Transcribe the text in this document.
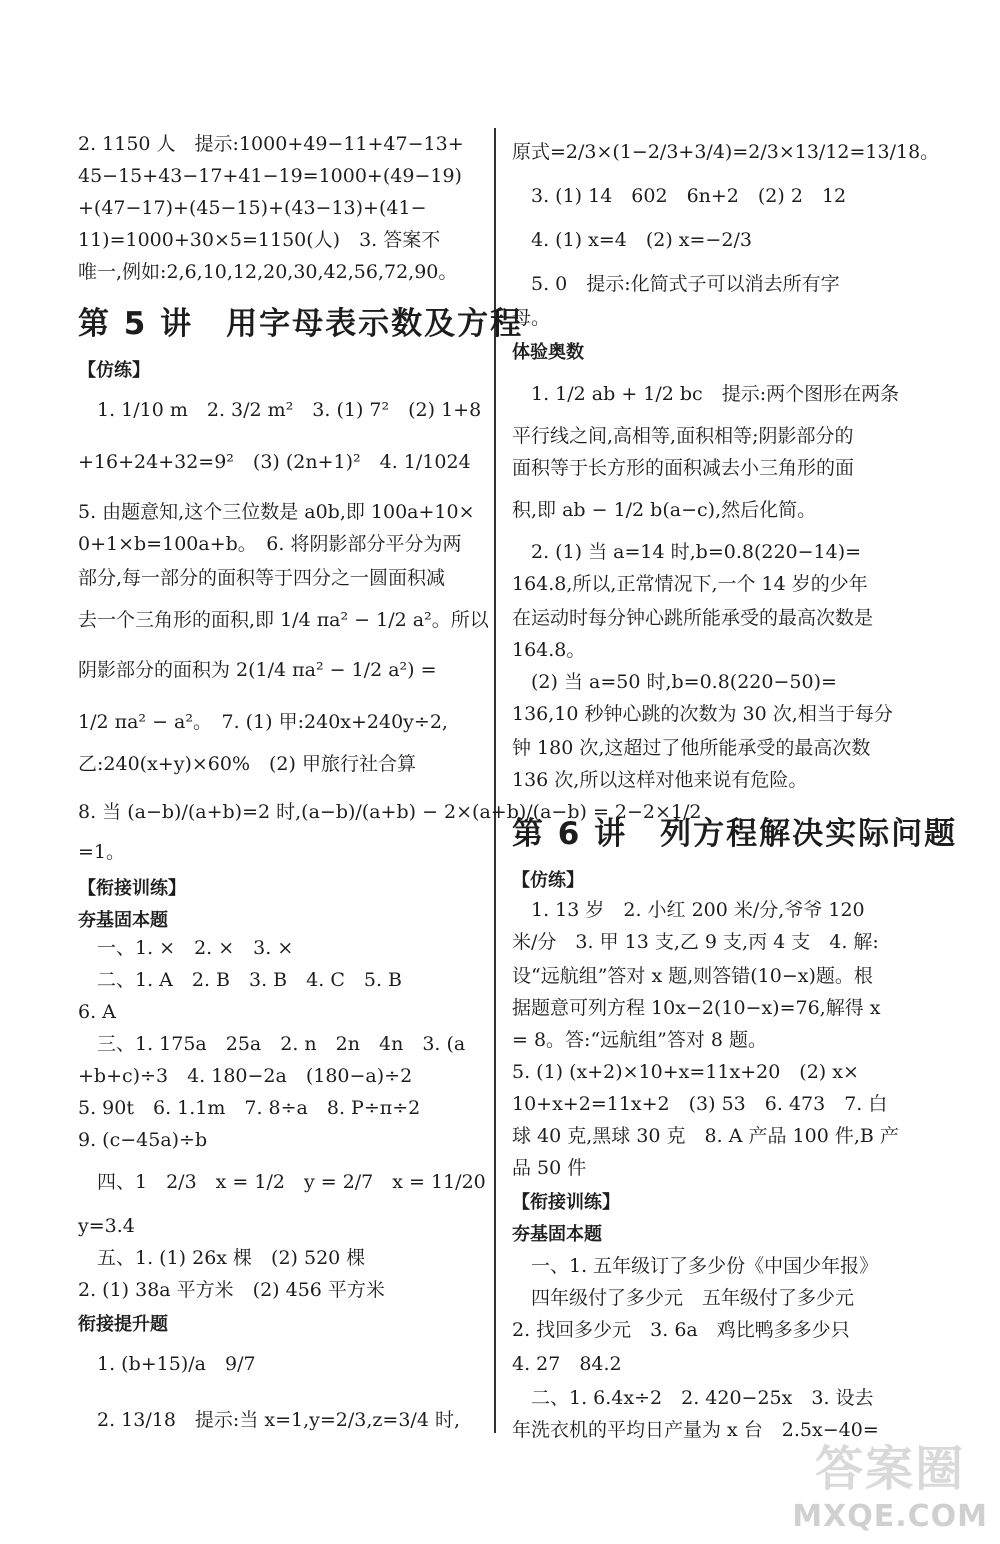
2. 1150 人　提示:1000+49−11+47−13+
45−15+43−17+41−19=1000+(49−19)
+(47−17)+(45−15)+(43−13)+(41−
11)=1000+30×5=1150(人)　3. 答案不
唯一,例如:2,6,10,12,20,30,42,56,72,90。
第 5 讲　用字母表示数及方程
【仿练】
　1. 1/10 m　2. 3/2 m²　3. (1) 7²　(2) 1+8
+16+24+32=9²　(3) (2n+1)²　4. 1/1024
5. 由题意知,这个三位数是 a0b,即 100a+10×
0+1×b=100a+b。　6. 将阴影部分平分为两
部分,每一部分的面积等于四分之一圆面积减
去一个三角形的面积,即 1/4 πa² − 1/2 a²。所以
阴影部分的面积为 2(1/4 πa² − 1/2 a²) =
1/2 πa² − a²。　7. (1) 甲:240x+240y÷2,
乙:240(x+y)×60%　(2) 甲旅行社合算
8. 当 (a−b)/(a+b)=2 时,(a−b)/(a+b) − 2×(a+b)/(a−b) = 2−2×1/2
=1。
【衔接训练】
夯基固本题
　一、1. ×　2. ×　3. ×
　二、1. A　2. B　3. B　4. C　5. B
6. A
　三、1. 175a　25a　2. n　2n　4n　3. (a
+b+c)÷3　4. 180−2a　(180−a)÷2
5. 90t　6. 1.1m　7. 8÷a　8. P÷π÷2
9. (c−45a)÷b
　四、1　2/3　x = 1/2　y = 2/7　x = 11/20
y=3.4
　五、1. (1) 26x 棵　(2) 520 棵
2. (1) 38a 平方米　(2) 456 平方米
衔接提升题
　1. (b+15)/a　9/7
　2. 13/18　提示:当 x=1,y=2/3,z=3/4 时,
原式=2/3×(1−2/3+3/4)=2/3×13/12=13/18。
　3. (1) 14　602　6n+2　(2) 2　12
　4. (1) x=4　(2) x=−2/3
　5. 0　提示:化简式子可以消去所有字
母。
体验奥数
　1. 1/2 ab + 1/2 bc　提示:两个图形在两条
平行线之间,高相等,面积相等;阴影部分的
面积等于长方形的面积减去小三角形的面
积,即 ab − 1/2 b(a−c),然后化简。
　2. (1) 当 a=14 时,b=0.8(220−14)=
164.8,所以,正常情况下,一个 14 岁的少年
在运动时每分钟心跳所能承受的最高次数是
164.8。
　(2) 当 a=50 时,b=0.8(220−50)=
136,10 秒钟心跳的次数为 30 次,相当于每分
钟 180 次,这超过了他所能承受的最高次数
136 次,所以这样对他来说有危险。
第 6 讲　列方程解决实际问题
【仿练】
　1. 13 岁　2. 小红 200 米/分,爷爷 120
米/分　3. 甲 13 支,乙 9 支,丙 4 支　4. 解:
设“远航组”答对 x 题,则答错(10−x)题。根
据题意可列方程 10x−2(10−x)=76,解得 x
= 8。答:“远航组”答对 8 题。
5. (1) (x+2)×10+x=11x+20　(2) x×
10+x+2=11x+2　(3) 53　6. 473　7. 白
球 40 克,黑球 30 克　8. A 产品 100 件,B 产
品 50 件
【衔接训练】
夯基固本题
　一、1. 五年级订了多少份《中国少年报》
　四年级付了多少元　五年级付了多少元
2. 找回多少元　3. 6a　鸡比鸭多多少只
4. 27　84.2
　二、1. 6.4x÷2　2. 420−25x　3. 设去
年洗衣机的平均日产量为 x 台　2.5x−40=
答案圈
MXQE.COM
